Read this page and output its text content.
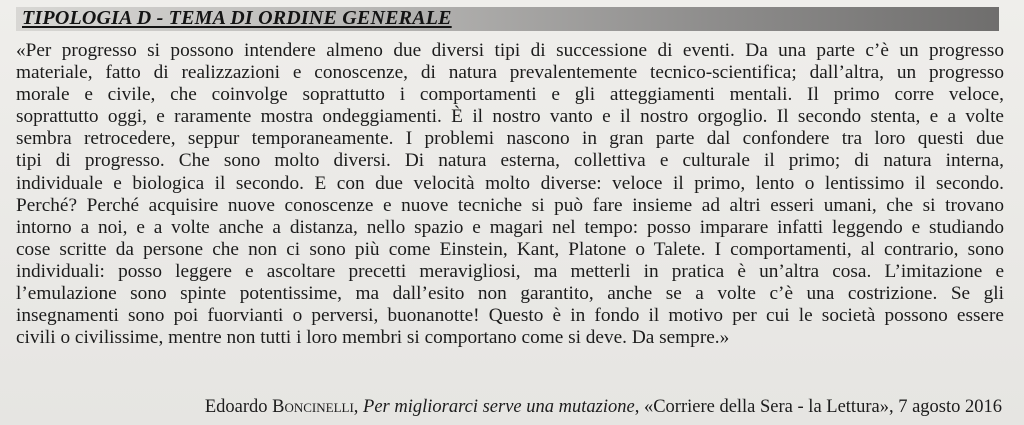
TIPOLOGIA D - TEMA DI ORDINE GENERALE
«Per progresso si possono intendere almeno due diversi tipi di successione di eventi. Da una parte c’è un progresso
materiale, fatto di realizzazioni e conoscenze, di natura prevalentemente tecnico-scientifica; dall’altra, un progresso
morale e civile, che coinvolge soprattutto i comportamenti e gli atteggiamenti mentali. Il primo corre veloce,
soprattutto oggi, e raramente mostra ondeggiamenti. È il nostro vanto e il nostro orgoglio. Il secondo stenta, e a volte
sembra retrocedere, seppur temporaneamente. I problemi nascono in gran parte dal confondere tra loro questi due
tipi di progresso. Che sono molto diversi. Di natura esterna, collettiva e culturale il primo; di natura interna,
individuale e biologica il secondo. E con due velocità molto diverse: veloce il primo, lento o lentissimo il secondo.
Perché? Perché acquisire nuove conoscenze e nuove tecniche si può fare insieme ad altri esseri umani, che si trovano
intorno a noi, e a volte anche a distanza, nello spazio e magari nel tempo: posso imparare infatti leggendo e studiando
cose scritte da persone che non ci sono più come Einstein, Kant, Platone o Talete. I comportamenti, al contrario, sono
individuali: posso leggere e ascoltare precetti meravigliosi, ma metterli in pratica è un’altra cosa. L’imitazione e
l’emulazione sono spinte potentissime, ma dall’esito non garantito, anche se a volte c’è una costrizione. Se gli
insegnamenti sono poi fuorvianti o perversi, buonanotte! Questo è in fondo il motivo per cui le società possono essere
civili o civilissime, mentre non tutti i loro membri si comportano come si deve. Da sempre.»
Edoardo Boncinelli, Per migliorarci serve una mutazione, «Corriere della Sera - la Lettura», 7 agosto 2016
